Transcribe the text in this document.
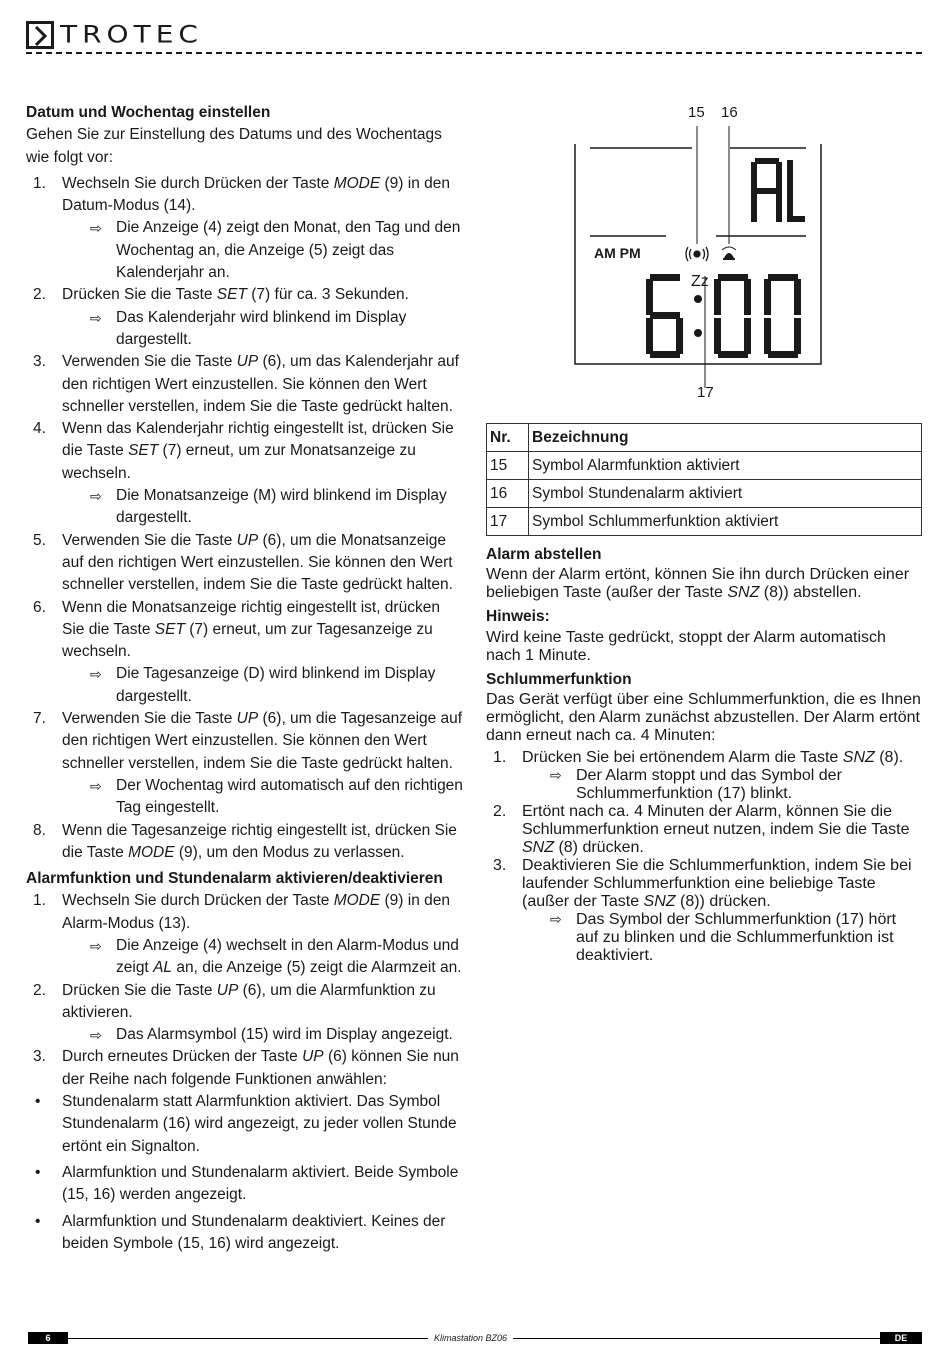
TROTEC
Datum und Wochentag einstellen

Gehen Sie zur Einstellung des Datums und des Wochentags wie folgt vor:

1.	Wechseln Sie durch Drücken der Taste MODE (9) in den Datum-Modus (14).
⇨ Die Anzeige (4) zeigt den Monat, den Tag und den Wochentag an, die Anzeige (5) zeigt das Kalenderjahr an.
2.	Drücken Sie die Taste SET (7) für ca. 3 Sekunden.
⇨ Das Kalenderjahr wird blinkend im Display dargestellt.
3.	Verwenden Sie die Taste UP (6), um das Kalenderjahr auf den richtigen Wert einzustellen. Sie können den Wert schneller verstellen, indem Sie die Taste gedrückt halten.
4.	Wenn das Kalenderjahr richtig eingestellt ist, drücken Sie die Taste SET (7) erneut, um zur Monatsanzeige zu wechseln.
⇨ Die Monatsanzeige (M) wird blinkend im Display dargestellt.
5.	Verwenden Sie die Taste UP (6), um die Monatsanzeige auf den richtigen Wert einzustellen. Sie können den Wert schneller verstellen, indem Sie die Taste gedrückt halten.
6.	Wenn die Monatsanzeige richtig eingestellt ist, drücken Sie die Taste SET (7) erneut, um zur Tagesanzeige zu wechseln.
⇨ Die Tagesanzeige (D) wird blinkend im Display dargestellt.
7.	Verwenden Sie die Taste UP (6), um die Tagesanzeige auf den richtigen Wert einzustellen. Sie können den Wert schneller verstellen, indem Sie die Taste gedrückt halten.
⇨ Der Wochentag wird automatisch auf den richtigen Tag eingestellt.
8.	Wenn die Tagesanzeige richtig eingestellt ist, drücken Sie die Taste MODE (9), um den Modus zu verlassen.
Alarmfunktion und Stundenalarm aktivieren/deaktivieren
1.	Wechseln Sie durch Drücken der Taste MODE (9) in den Alarm-Modus (13).
⇨ Die Anzeige (4) wechselt in den Alarm-Modus und zeigt AL an, die Anzeige (5) zeigt die Alarmzeit an.
2.	Drücken Sie die Taste UP (6), um die Alarmfunktion zu aktivieren.
⇨ Das Alarmsymbol (15) wird im Display angezeigt.
3.	Durch erneutes Drücken der Taste UP (6) können Sie nun der Reihe nach folgende Funktionen anwählen:
• Stundenalarm statt Alarmfunktion aktiviert. Das Symbol Stundenalarm (16) wird angezeigt, zu jeder vollen Stunde ertönt ein Signalton.
• Alarmfunktion und Stundenalarm aktiviert. Beide Symbole (15, 16) werden angezeigt.
• Alarmfunktion und Stundenalarm deaktiviert. Keines der beiden Symbole (15, 16) wird angezeigt.
15 16
AM PM
Zz
17
Nr.	Bezeichnung
15	Symbol Alarmfunktion aktiviert
16	Symbol Stundenalarm aktiviert
17	Symbol Schlummerfunktion aktiviert
Alarm abstellen

Wenn der Alarm ertönt, können Sie ihn durch Drücken einer beliebigen Taste (außer der Taste SNZ (8)) abstellen.

Hinweis:

Wird keine Taste gedrückt, stoppt der Alarm automatisch nach 1 Minute.

Schlummerfunktion

Das Gerät verfügt über eine Schlummerfunktion, die es Ihnen ermöglicht, den Alarm zunächst abzustellen. Der Alarm ertönt dann erneut nach ca. 4 Minuten:

1. Drücken Sie bei ertönendem Alarm die Taste SNZ (8).
⇨ Der Alarm stoppt und das Symbol der Schlummerfunktion (17) blinkt.
2. Ertönt nach ca. 4 Minuten der Alarm, können Sie die Schlummerfunktion erneut nutzen, indem Sie die Taste SNZ (8) drücken.
3. Deaktivieren Sie die Schlummerfunktion, indem Sie bei laufender Schlummerfunktion eine beliebige Taste (außer der Taste SNZ (8)) drücken.
⇨ Das Symbol der Schlummerfunktion (17) hört auf zu blinken und die Schlummerfunktion ist deaktiviert.
6	Klimastation BZ06	DE
